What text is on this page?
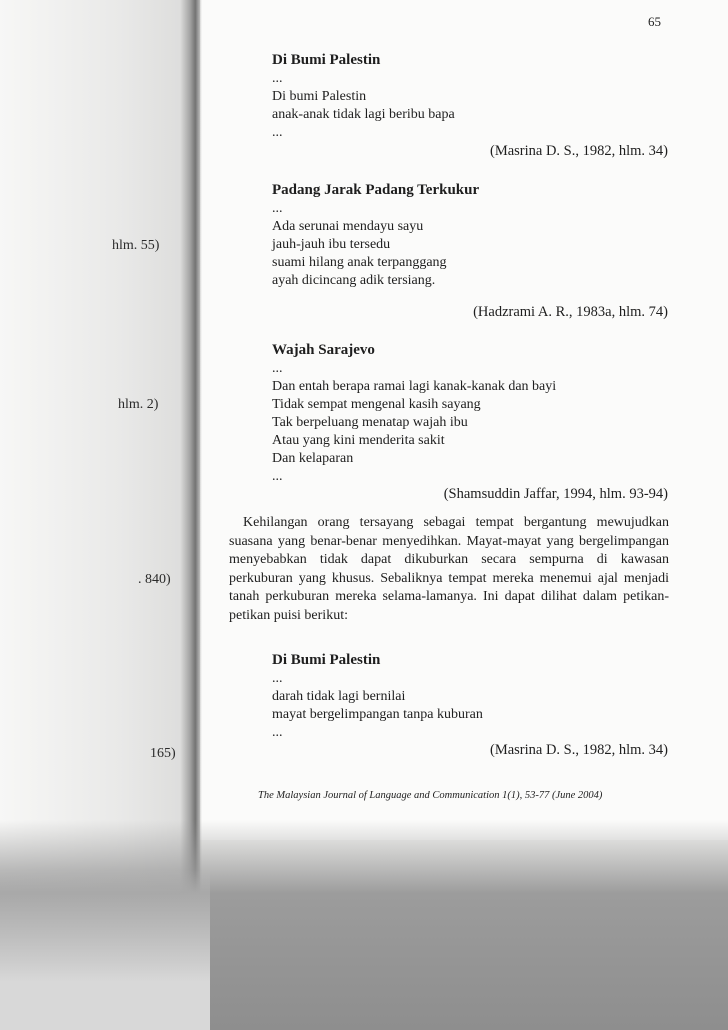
hlm. 55)
hlm. 2)
. 840)
165)
65
Di Bumi Palestin
...
Di bumi Palestin
anak-anak tidak lagi beribu bapa
...
(Masrina D. S., 1982, hlm. 34)
Padang Jarak Padang Terkukur
...
Ada serunai mendayu sayu
jauh-jauh ibu tersedu
suami hilang anak terpanggang
ayah dicincang adik tersiang.
(Hadzrami A. R., 1983a, hlm. 74)
Wajah Sarajevo
...
Dan entah berapa ramai lagi kanak-kanak dan bayi
Tidak sempat mengenal kasih sayang
Tak berpeluang menatap wajah ibu
Atau yang kini menderita sakit
Dan kelaparan
...
(Shamsuddin Jaffar, 1994, hlm. 93-94)
Kehilangan orang tersayang sebagai tempat bergantung mewujudkan suasana yang benar-benar menyedihkan. Mayat-mayat yang bergelimpangan menyebabkan tidak dapat dikuburkan secara sempurna di kawasan perkuburan yang khusus. Sebaliknya tempat mereka menemui ajal menjadi tanah perkuburan mereka selama-lamanya. Ini dapat dilihat dalam petikan-petikan puisi berikut:
Di Bumi Palestin
...
darah tidak lagi bernilai
mayat bergelimpangan tanpa kuburan
...
(Masrina D. S., 1982, hlm. 34)
The Malaysian Journal of Language and Communication 1(1), 53-77 (June 2004)
